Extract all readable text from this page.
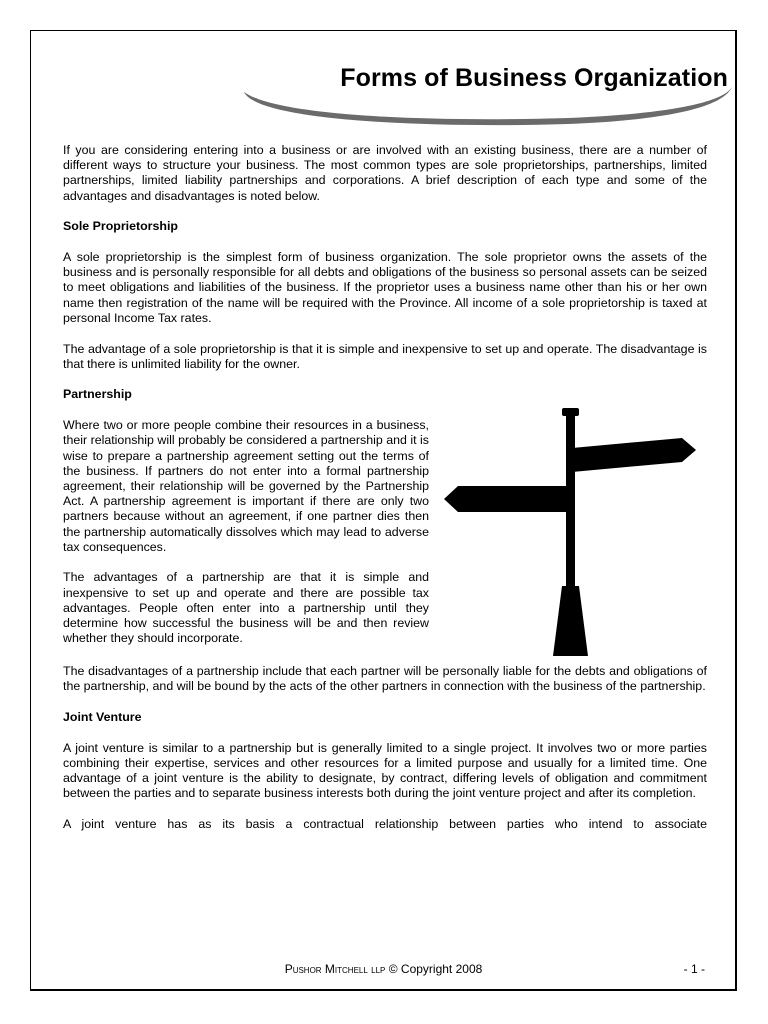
Forms of Business Organization

If you are considering entering into a business or are involved with an existing business, there are a number of different ways to structure your business. The most common types are sole proprietorships, partnerships, limited partnerships, limited liability partnerships and corporations. A brief description of each type and some of the advantages and disadvantages is noted below.

Sole Proprietorship

A sole proprietorship is the simplest form of business organization. The sole proprietor owns the assets of the business and is personally responsible for all debts and obligations of the business so personal assets can be seized to meet obligations and liabilities of the business. If the proprietor uses a business name other than his or her own name then registration of the name will be required with the Province. All income of a sole proprietorship is taxed at personal Income Tax rates.

The advantage of a sole proprietorship is that it is simple and inexpensive to set up and operate. The disadvantage is that there is unlimited liability for the owner.

Partnership

Where two or more people combine their resources in a business, their relationship will probably be considered a partnership and it is wise to prepare a partnership agreement setting out the terms of the business. If partners do not enter into a formal partnership agreement, their relationship will be governed by the Partnership Act. A partnership agreement is important if there are only two partners because without an agreement, if one partner dies then the partnership automatically dissolves which may lead to adverse tax consequences.

The advantages of a partnership are that it is simple and inexpensive to set up and operate and there are possible tax advantages. People often enter into a partnership until they determine how successful the business will be and then review whether they should incorporate.

The disadvantages of a partnership include that each partner will be personally liable for the debts and obligations of the partnership, and will be bound by the acts of the other partners in connection with the business of the partnership.

Joint Venture

A joint venture is similar to a partnership but is generally limited to a single project. It involves two or more parties combining their expertise, services and other resources for a limited purpose and usually for a limited time. One advantage of a joint venture is the ability to designate, by contract, differing levels of obligation and commitment between the parties and to separate business interests both during the joint venture project and after its completion.

A joint venture has as its basis a contractual relationship between parties who intend to associate

Pushor Mitchell llp © Copyright 2008	- 1 -
